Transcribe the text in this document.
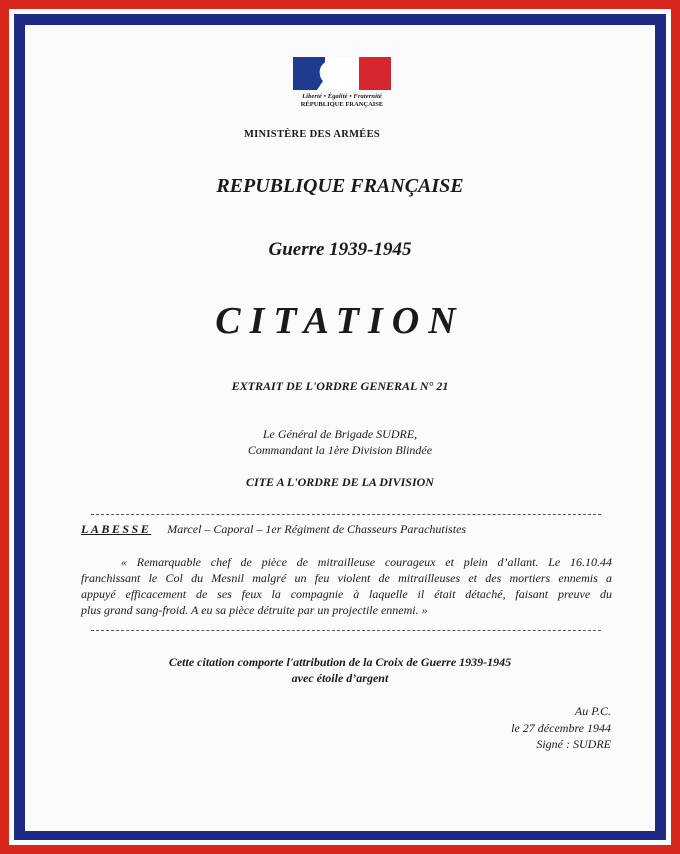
Liberté • Égalité • Fraternité
RÉPUBLIQUE FRANÇAISE
MINISTÈRE DES ARMÉES
REPUBLIQUE FRANÇAISE
Guerre 1939-1945
CITATION
EXTRAIT DE L'ORDRE GENERAL N° 21
Le Général de Brigade SUDRE,
Commandant la 1ère Division Blindée
CITE A L'ORDRE DE LA DIVISION
LABESSE Marcel – Caporal – 1er Régiment de Chasseurs Parachutistes
« Remarquable chef de pièce de mitrailleuse courageux et plein d’allant. Le 16.10.44
franchissant le Col du Mesnil malgré un feu violent de mitrailleuses et des mortiers ennemis a
appuyé efficacement de ses feux la compagnie à laquelle il était détaché, faisant preuve du
plus grand sang-froid. A eu sa pièce détruite par un projectile ennemi. »
Cette citation comporte l'attribution de la Croix de Guerre 1939-1945
avec étoile d’argent
Au P.C.
le 27 décembre 1944
Signé : SUDRE
